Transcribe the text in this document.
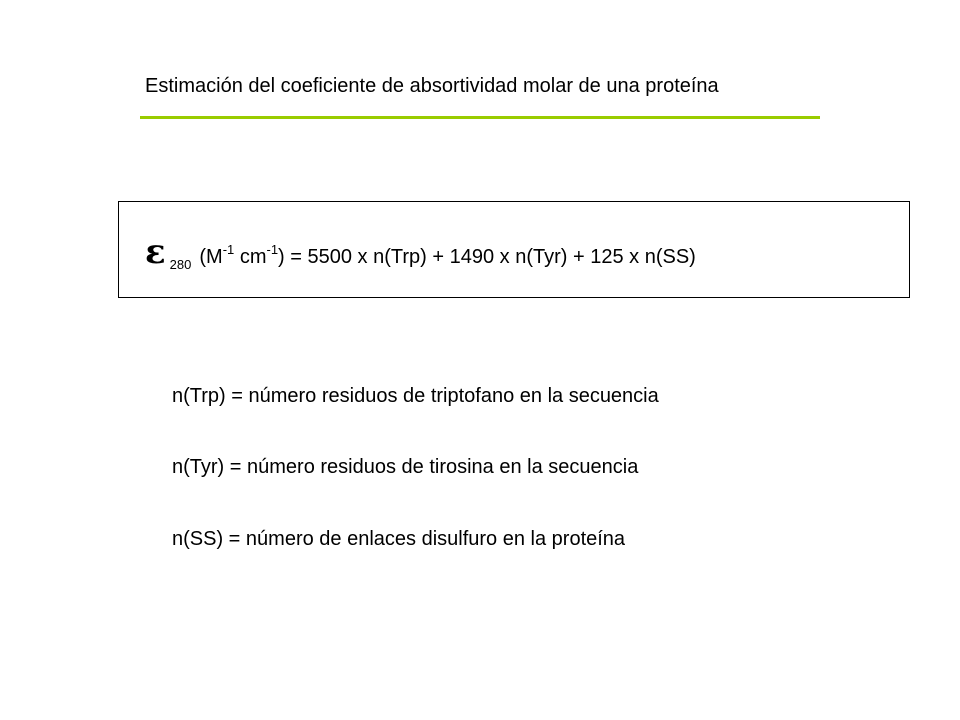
Estimación del coeficiente de absortividad molar de una proteína
ε $_{280}$ ($M^{-1}$ $cm^{-1}) = 5500$ x n(Trp) + 1490 x n(Tyr) + 125 x n(SS)
n(Trp) = número residuos de triptofano en la secuencia
n(Tyr) = número residuos de tirosina en la secuencia
n(SS) = número de enlaces disulfuro en la proteína
